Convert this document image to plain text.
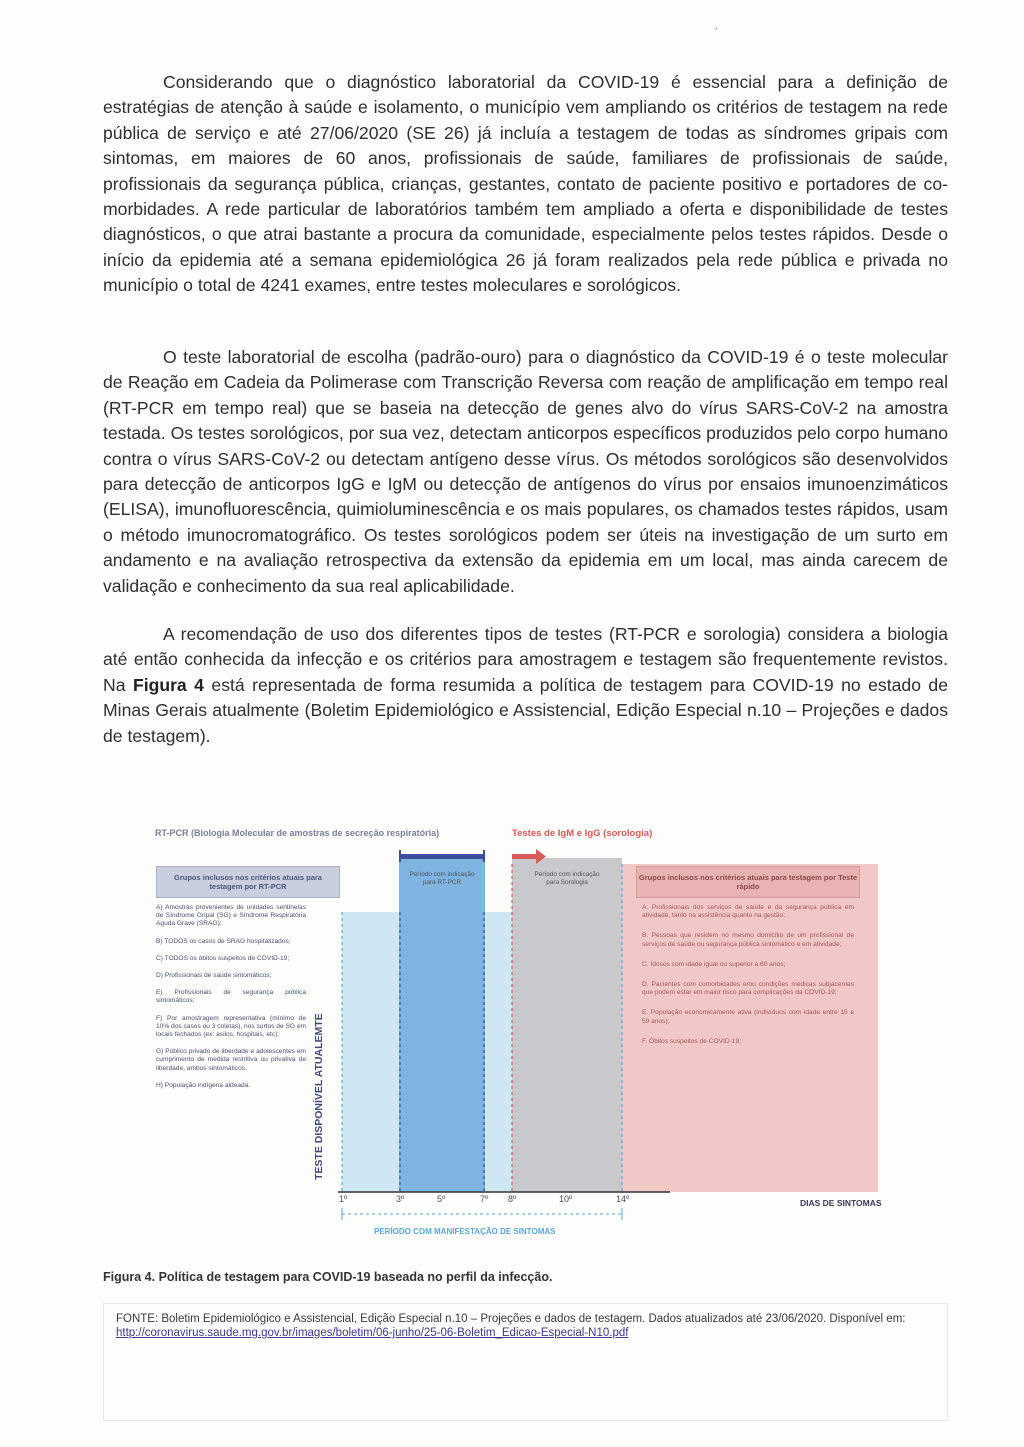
ˏ

Considerando que o diagnóstico laboratorial da COVID-19 é essencial para a definição de estratégias de atenção à saúde e isolamento, o município vem ampliando os critérios de testagem na rede pública de serviço e até 27/06/2020 (SE 26) já incluía a testagem de todas as síndromes gripais com sintomas, em maiores de 60 anos, profissionais de saúde, familiares de profissionais de saúde, profissionais da segurança pública, crianças, gestantes, contato de paciente positivo e portadores de co-morbidades. A rede particular de laboratórios também tem ampliado a oferta e disponibilidade de testes diagnósticos, o que atrai bastante a procura da comunidade, especialmente pelos testes rápidos. Desde o início da epidemia até a semana epidemiológica 26 já foram realizados pela rede pública e privada no município o total de 4241 exames, entre testes moleculares e sorológicos.

O teste laboratorial de escolha (padrão-ouro) para o diagnóstico da COVID-19 é o teste molecular de Reação em Cadeia da Polimerase com Transcrição Reversa com reação de amplificação em tempo real (RT-PCR em tempo real) que se baseia na detecção de genes alvo do vírus SARS-CoV-2 na amostra testada. Os testes sorológicos, por sua vez, detectam anticorpos específicos produzidos pelo corpo humano contra o vírus SARS-CoV-2 ou detectam antígeno desse vírus. Os métodos sorológicos são desenvolvidos para detecção de anticorpos IgG e IgM ou detecção de antígenos do vírus por ensaios imunoenzimáticos (ELISA), imunofluorescência, quimioluminescência e os mais populares, os chamados testes rápidos, usam o método imunocromatográfico. Os testes sorológicos podem ser úteis na investigação de um surto em andamento e na avaliação retrospectiva da extensão da epidemia em um local, mas ainda carecem de validação e conhecimento da sua real aplicabilidade.

A recomendação de uso dos diferentes tipos de testes (RT-PCR e sorologia) considera a biologia até então conhecida da infecção e os critérios para amostragem e testagem são frequentemente revistos. Na Figura 4 está representada de forma resumida a política de testagem para COVID-19 no estado de Minas Gerais atualmente (Boletim Epidemiológico e Assistencial, Edição Especial n.10 – Projeções e dados de testagem).

RT-PCR (Biologia Molecular de amostras de secreção respiratória)	Testes de IgM e IgG (sorologia)
Grupos inclusos nos critérios atuais para testagem por RT-PCR
Grupos inclusos nos critérios atuais para testagem por Teste rápido
Período com indicação para RT-PCR
Período com indicação para Sorologia
A) Amostras provenientes de unidades sentinelas de Síndrome Gripal (SG) e Síndrome Respiratória Aguda Grave (SRAG);
B) TODOS os casos de SRAG hospitalizados;
C) TODOS os óbitos suspeitos de COVID-19;
D) Profissionais de saúde sintomáticos;
E) Profissionais de segurança pública sintomáticos;
F) Por amostragem representativa (mínimo de 10% dos casos ou 3 coletas), nos surtos de SG em locais fechados (ex: asilos, hospitais, etc);
G) Público privado de liberdade e adolescentes em cumprimento de medida restritiva ou privativa de liberdade, ambos sintomáticos.
H) População indígena aldeada.
A. Profissionais dos serviços de saúde e da segurança pública em atividade, tanto na assistência quanto na gestão;
B. Pessoas que residem no mesmo domicílio de um profissional de serviços de saúde ou segurança pública sintomático e em atividade;
C. Idosos com idade igual ou superior a 60 anos;
D. Pacientes com comorbidades e/ou condições médicas subjacentes que podem estar em maior risco para complicações da COVID-19;
E. População economicamente ativa (indivíduos com idade entre 15 e 59 anos);
F. Óbitos suspeitos de COVID-19;
TESTE DISPONÍVEL ATUALEMTE
1º	3º	5º	7º 8º	10º	14º	DIAS DE SINTOMAS
PERÍODO COM MANIFESTAÇÃO DE SINTOMAS
Figura 4. Política de testagem para COVID-19 baseada no perfil da infecção.
FONTE: Boletim Epidemiológico e Assistencial, Edição Especial n.10 – Projeções e dados de testagem. Dados atualizados até 23/06/2020. Disponível em: http://coronavirus.saude.mg.gov.br/images/boletim/06-junho/25-06-Boletim_Edicao-Especial-N10.pdf
